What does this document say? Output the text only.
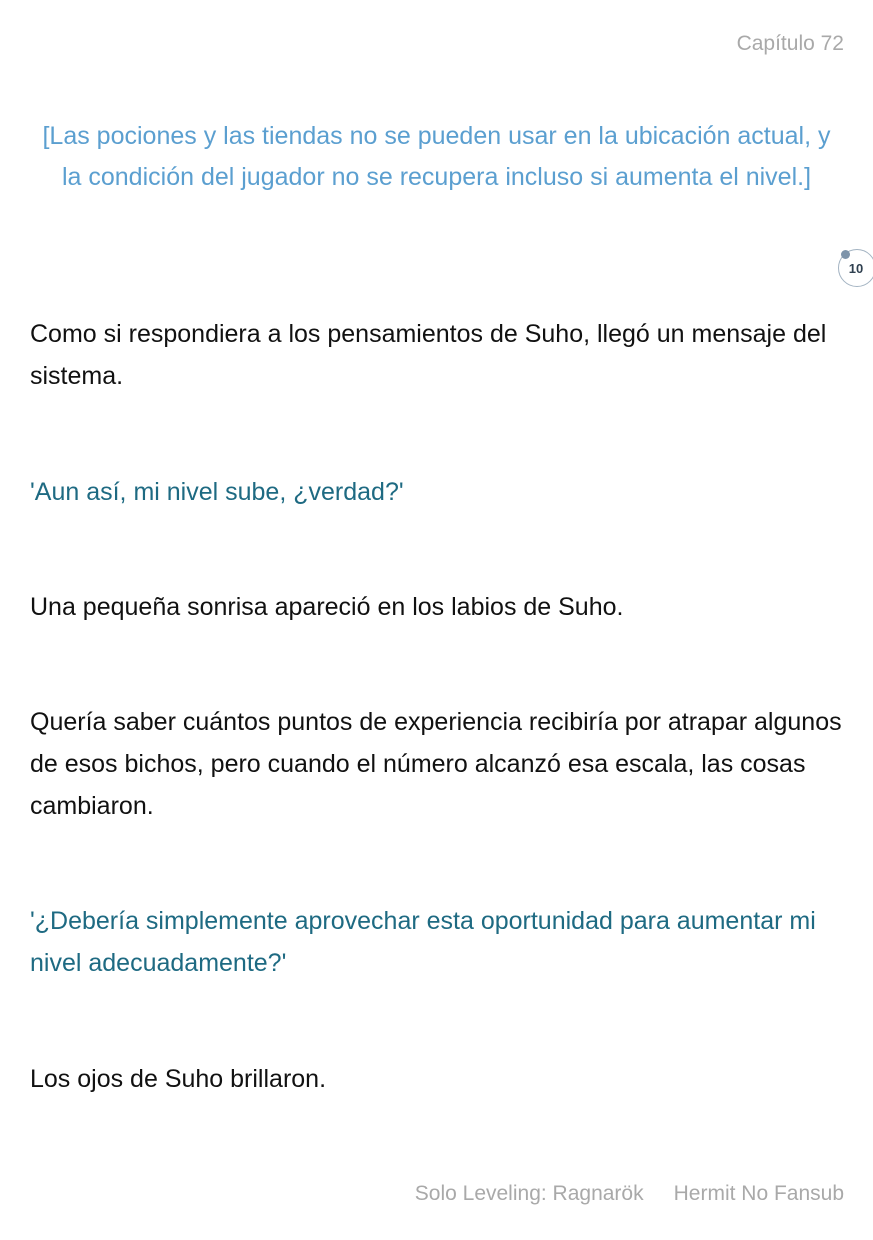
Capítulo 72
[Las pociones y las tiendas no se pueden usar en la ubicación actual, y la condición del jugador no se recupera incluso si aumenta el nivel.]
10
Como si respondiera a los pensamientos de Suho, llegó un mensaje del sistema.
'Aun así, mi nivel sube, ¿verdad?'
Una pequeña sonrisa apareció en los labios de Suho.
Quería saber cuántos puntos de experiencia recibiría por atrapar algunos de esos bichos, pero cuando el número alcanzó esa escala, las cosas cambiaron.
'¿Debería simplemente aprovechar esta oportunidad para aumentar mi nivel adecuadamente?'
Los ojos de Suho brillaron.
Solo Leveling: Ragnarök Hermit No Fansub
